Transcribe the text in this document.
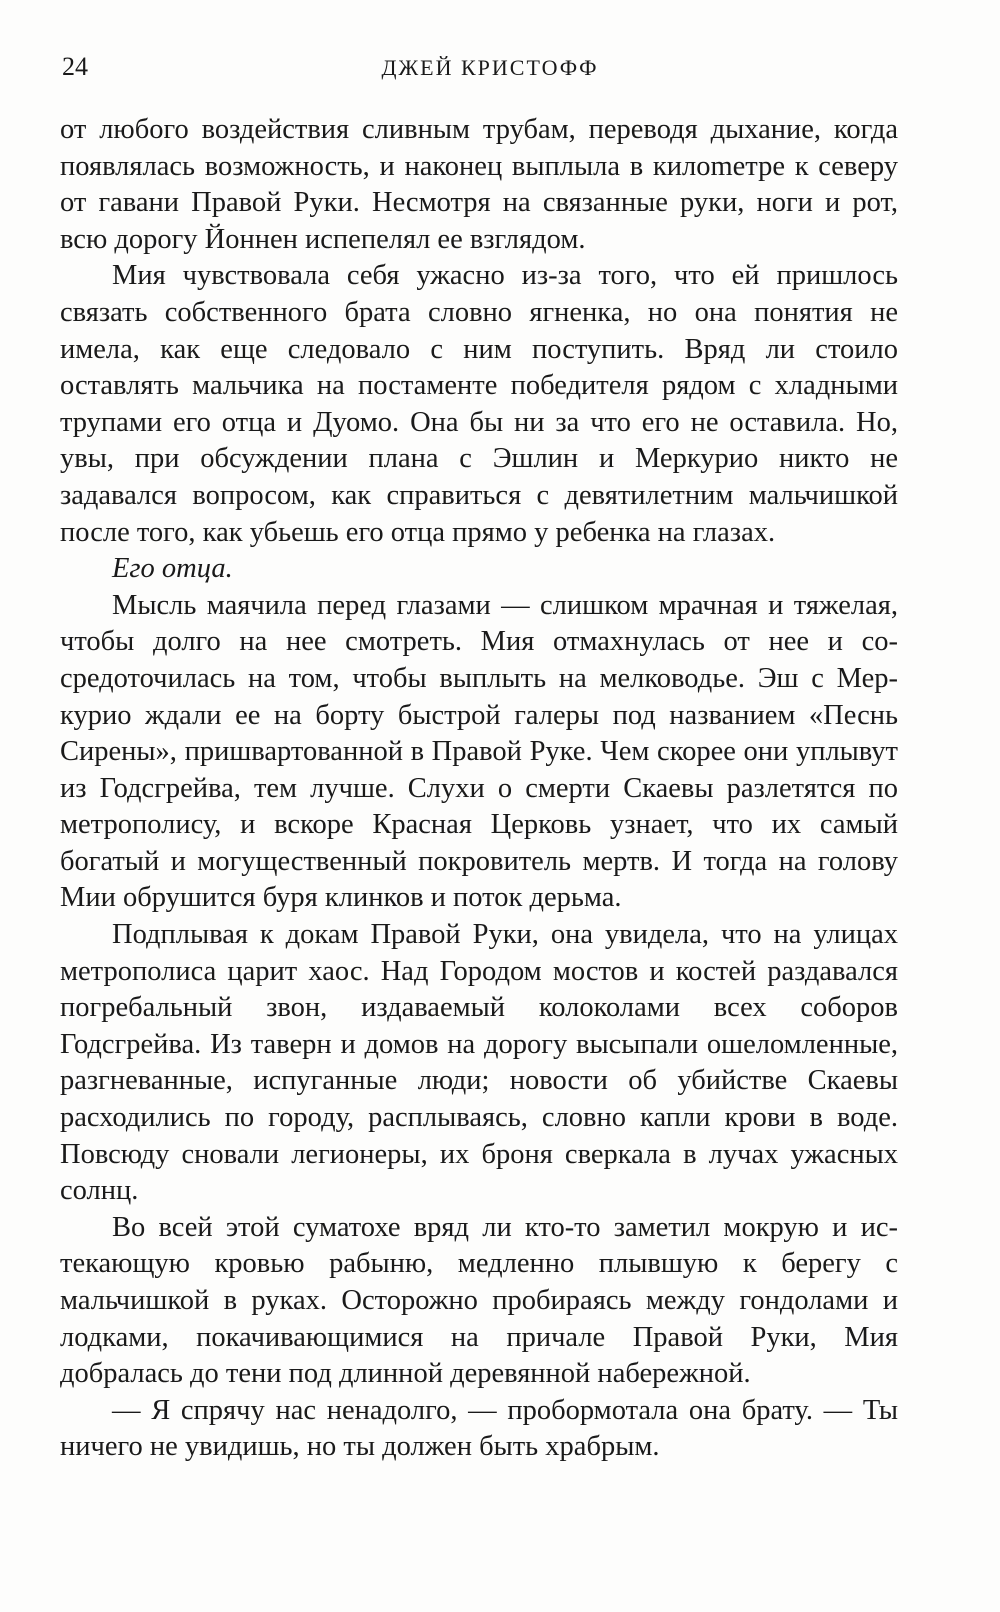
24	ДЖЕЙ КРИСТОФФ

от любого воздействия сливным трубам, переводя дыхание, когда появлялась возможность, и наконец выплыла в килоmетре к северу от гавани Правой Руки. Несмотря на связанные руки, ноги и рот, всю дорогу Йоннен испепелял ее взглядом.

Мия чувствовала себя ужасно из-за того, что ей пришлось связать собственного брата словно ягненка, но она понятия не имела, как еще следовало с ним поступить. Вряд ли стоило оставлять мальчика на постаменте победителя рядом с хладными трупами его отца и Дуомо. Она бы ни за что его не оставила. Но, увы, при обсуждении плана с Эшлин и Меркурио никто не задавался вопросом, как справиться с девятилетним мальчишкой после того, как убьешь его отца прямо у ребенка на глазах.

Его отца.

Мысль маячила перед глазами — слишком мрачная и тяжелая, чтобы долго на нее смотреть. Мия отмахнулась от нее и сосредоточилась на том, чтобы выплыть на мелководье. Эш с Меркурио ждали ее на борту быстрой галеры под названием «Песнь Сирены», пришвартованной в Правой Руке. Чем скорее они уплывут из Годсгрейва, тем лучше. Слухи о смерти Скаевы разлетятся по метрополису, и вскоре Красная Церковь узнает, что их самый богатый и могущественный покровитель мертв. И тогда на голову Мии обрушится буря клинков и поток дерьма.

Подплывая к докам Правой Руки, она увидела, что на улицах метрополиса царит хаос. Над Городом мостов и костей раздавался погребальный звон, издаваемый колоколами всех соборов Годсгрейва. Из таверн и домов на дорогу высыпали ошеломленные, разгневанные, испуганные люди; новости об убийстве Скаевы расходились по городу, расплываясь, словно капли крови в воде. Повсюду сновали легионеры, их броня сверкала в лучах ужасных солнц.

Во всей этой суматохе вряд ли кто-то заметил мокрую и истекающую кровью рабыню, медленно плывшую к берегу с мальчишкой в руках. Осторожно пробираясь между гондолами и лодками, покачивающимися на причале Правой Руки, Мия добралась до тени под длинной деревянной набережной.

— Я спрячу нас ненадолго, — пробормотала она брату. — Ты ничего не увидишь, но ты должен быть храбрым.
